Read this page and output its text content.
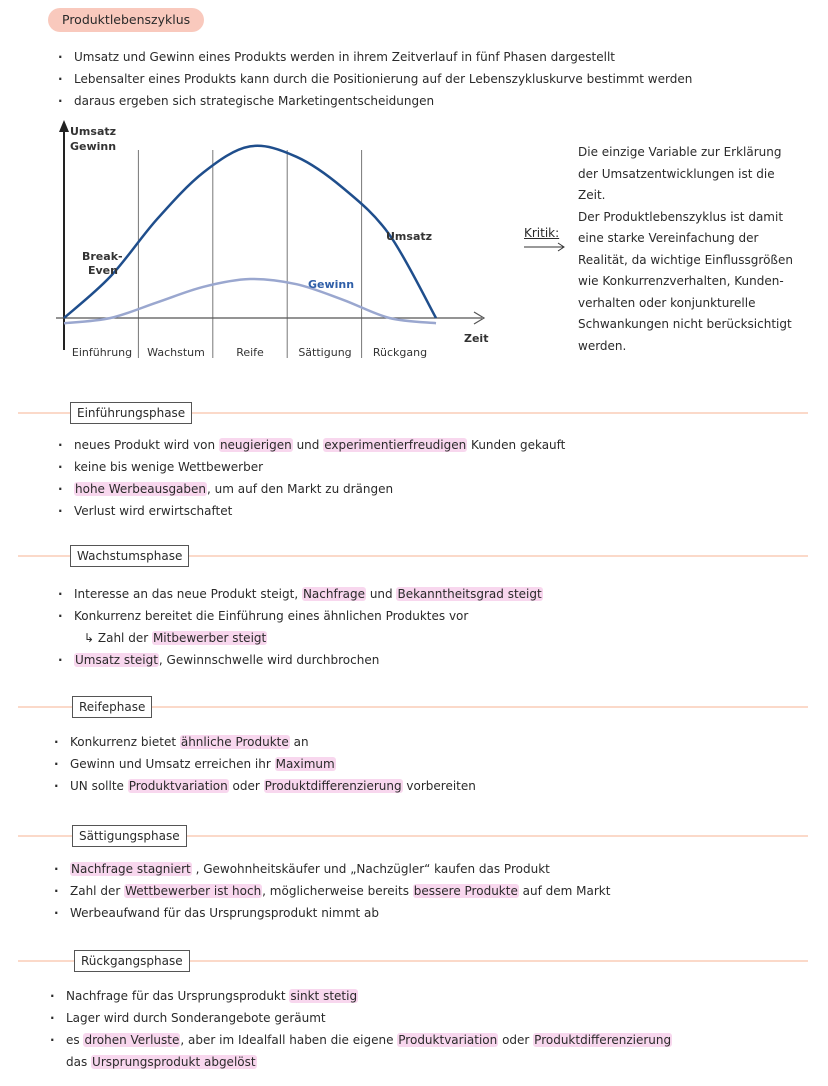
Produktlebenszyklus
· Umsatz und Gewinn eines Produkts werden in ihrem Zeitverlauf in fünf Phasen dargestellt
· Lebensalter eines Produkts kann durch die Positionierung auf der Lebenszykluskurve bestimmt werden
· daraus ergeben sich strategische Marketingentscheidungen
Umsatz
Gewinn
Break-
Even
Umsatz
Gewinn
Zeit
Einführung Wachstum	Reife	Sättigung Rückgang
Kritik:
Die einzige Variable zur Erklärung
der Umsatzentwicklungen ist die
Zeit.
Der Produktlebenszyklus ist damit
eine starke Vereinfachung der
Realität, da wichtige Einflussgrößen
wie Konkurrenzverhalten, Kunden-
verhalten oder konjunkturelle
Schwankungen nicht berücksichtigt
werden.
Einführungsphase
· neues Produkt wird von neugierigen und experimentierfreudigen Kunden gekauft
· keine bis wenige Wettbewerber
· hohe Werbeausgaben, um auf den Markt zu drängen
· Verlust wird erwirtschaftet
Wachstumsphase
· Interesse an das neue Produkt steigt, Nachfrage und Bekanntheitsgrad steigt
· Konkurrenz bereitet die Einführung eines ähnlichen Produktes vor
↳ Zahl der Mitbewerber steigt
· Umsatz steigt, Gewinnschwelle wird durchbrochen
Reifephase
· Konkurrenz bietet ähnliche Produkte an
· Gewinn und Umsatz erreichen ihr Maximum
· UN sollte Produktvariation oder Produktdifferenzierung vorbereiten
Sättigungsphase
· Nachfrage stagniert , Gewohnheitskäufer und „Nachzügler“ kaufen das Produkt
· Zahl der Wettbewerber ist hoch, möglicherweise bereits bessere Produkte auf dem Markt
· Werbeaufwand für das Ursprungsprodukt nimmt ab
Rückgangsphase
· Nachfrage für das Ursprungsprodukt sinkt stetig
· Lager wird durch Sonderangebote geräumt
· es drohen Verluste, aber im Idealfall haben die eigene Produktvariation oder Produktdifferenzierung
das Ursprungsprodukt abgelöst
